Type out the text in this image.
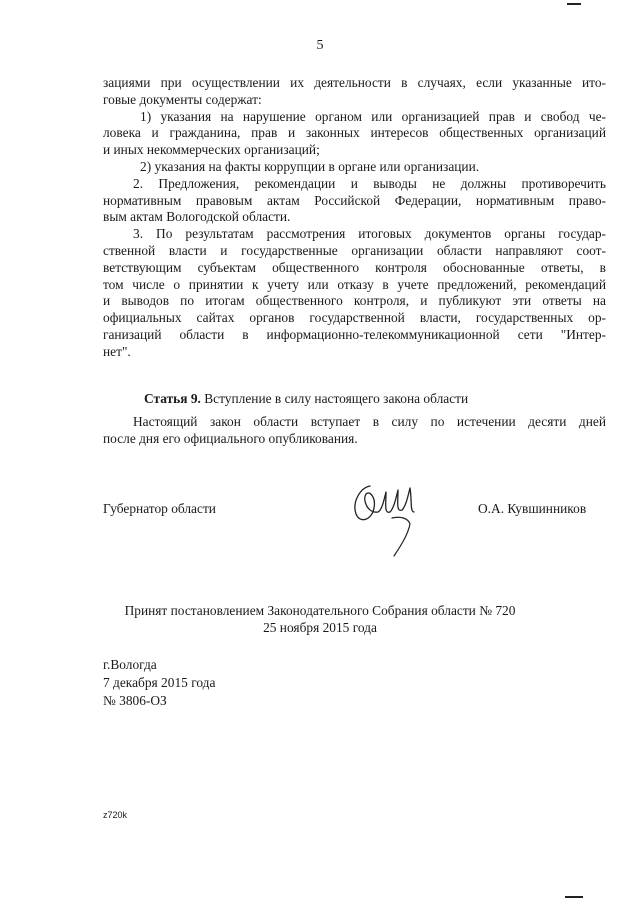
5
зациями при осуществлении их деятельности в случаях, если указанные ито-
говые документы содержат:
1) указания на нарушение органом или организацией прав и свобод че-
ловека и гражданина, прав и законных интересов общественных организаций
и иных некоммерческих организаций;
2) указания на факты коррупции в органе или организации.
2. Предложения, рекомендации и выводы не должны противоречить
нормативным правовым актам Российской Федерации, нормативным право-
вым актам Вологодской области.
3. По результатам рассмотрения итоговых документов органы государ-
ственной власти и государственные организации области направляют соот-
ветствующим субъектам общественного контроля обоснованные ответы, в
том числе о принятии к учету или отказу в учете предложений, рекомендаций
и выводов по итогам общественного контроля, и публикуют эти ответы на
официальных сайтах органов государственной власти, государственных ор-
ганизаций области в информационно-телекоммуникационной сети "Интер-
нет".
Статья 9. Вступление в силу настоящего закона области
Настоящий закон области вступает в силу по истечении десяти дней
после дня его официального опубликования.
Губернатор области	О.А. Кувшинников
Принят постановлением Законодательного Собрания области № 720
25 ноября 2015 года
г.Вологда
7 декабря 2015 года
№ 3806-ОЗ
z720k
